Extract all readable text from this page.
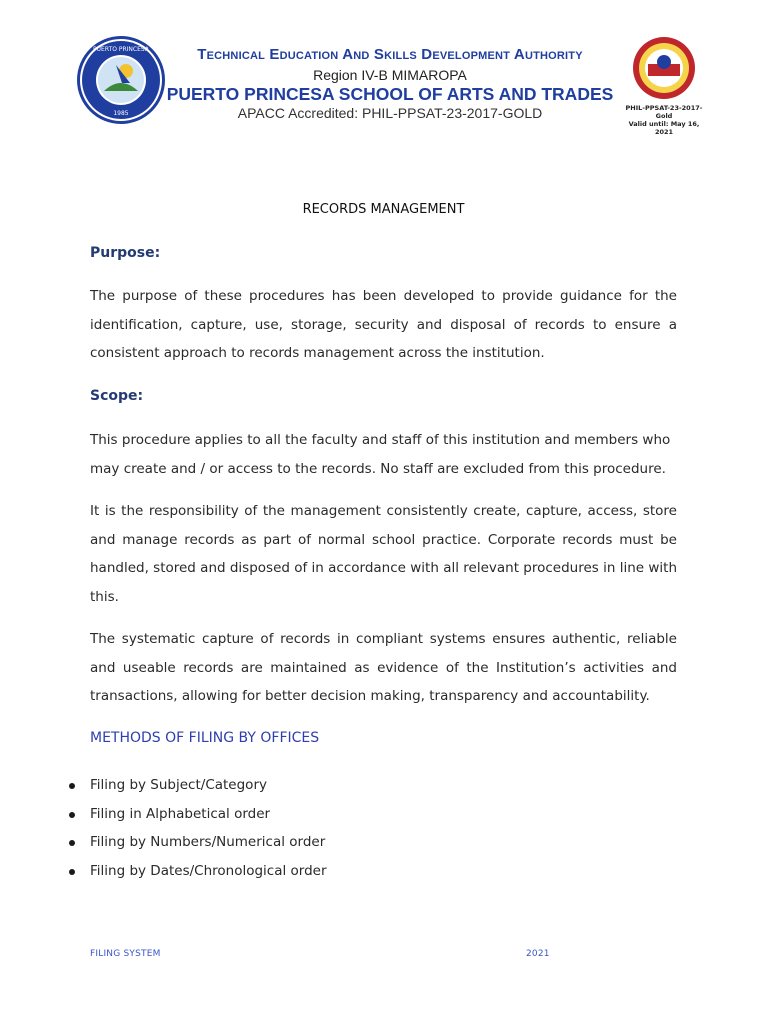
PUERTO PRINCESA
1985
Technical Education And Skills Development Authority
Region IV-B MIMAROPA
PUERTO PRINCESA SCHOOL OF ARTS AND TRADES
APACC Accredited: PHIL-PPSAT-23-2017-GOLD	PHIL-PPSAT-23-2017-Gold
Valid until: May 16, 2021
RECORDS MANAGEMENT
Purpose:

The purpose of these procedures has been developed to provide guidance for the identification, capture, use, storage, security and disposal of records to ensure a consistent approach to records management across the institution.

Scope:

This procedure applies to all the faculty and staff of this institution and members who may create and / or access to the records. No staff are excluded from this procedure.

It is the responsibility of the management consistently create, capture, access, store and manage records as part of normal school practice. Corporate records must be handled, stored and disposed of in accordance with all relevant procedures in line with this.

The systematic capture of records in compliant systems ensures authentic, reliable and useable records are maintained as evidence of the Institution’s activities and transactions, allowing for better decision making, transparency and accountability.

METHODS OF FILING BY OFFICES
Filing by Subject/Category
Filing in Alphabetical order
Filing by Numbers/Numerical order
Filing by Dates/Chronological order
FILING SYSTEM	2021
